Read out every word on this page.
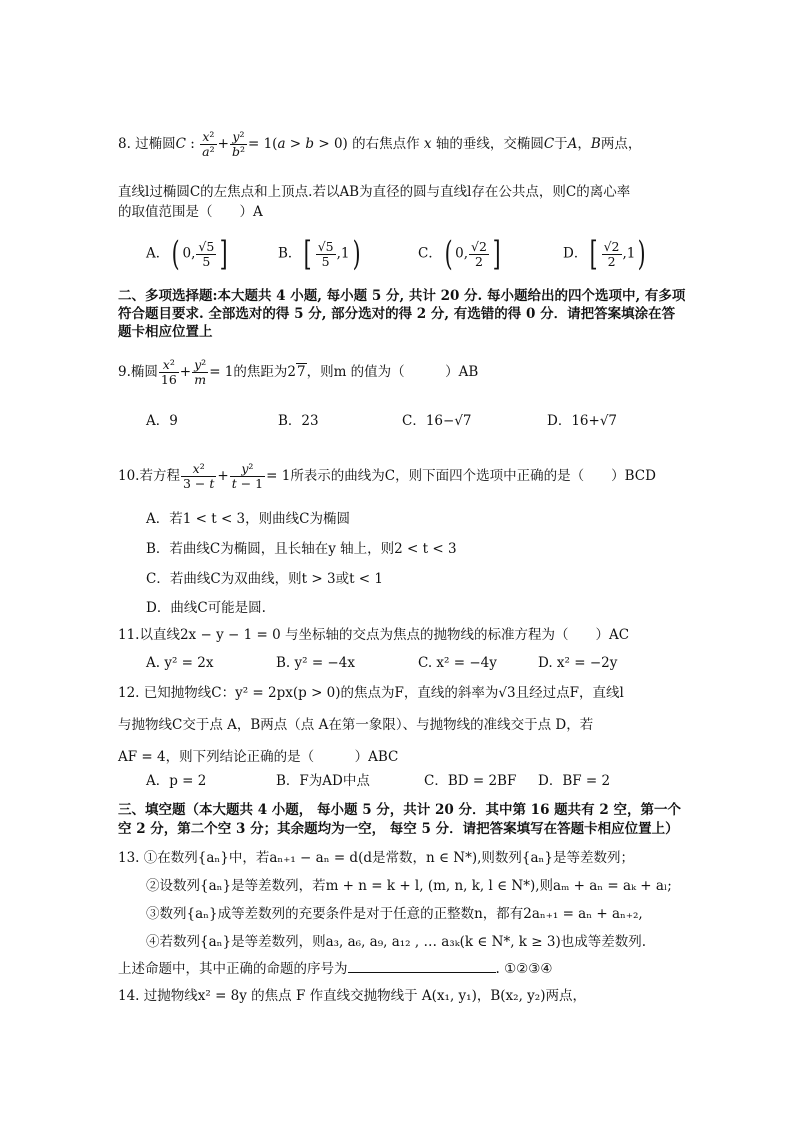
8. 过椭圆C : $\frac{\text{x²}}{\text{a²}} + \frac{\text{y²}}{\text{b²}} = 1(a > b > 0)$ 的右焦点作 x 轴的垂线，交椭圆C于A，B两点，
直线l过椭圆C的左焦点和上顶点.若以AB为直径的圆与直线l存在公共点，则C的离心率
的取值范围是（　　）A
A．( 0, $\frac{√5}{5}$ ]	B．[ $\frac{√5}{5} ,1$)	C．( 0, $\frac{√2}{2}$ ]	D．[ $\frac{√2}{2} ,1$)
二、多项选择题:本大题共 4 小题, 每小题 5 分, 共计 20 分. 每小题给出的四个选项中, 有多项
符合题目要求. 全部选对的得 5 分, 部分选对的得 2 分, 有选错的得 0 分．请把答案填涂在答
题卡相应位置上
9.椭圆 $\frac{\text{x²}}{16} + \frac{\text{y²}}{m} = 1$的焦距为27，则m 的值为（　　　）AB
A．9	B．23	C．16−√7	D．16+√7
10.若方程 $\frac{\text{x²}}{3 - t} + \frac{\text{y²}}{t - 1} = 1$所表示的曲线为C，则下面四个选项中正确的是（　　）BCD
A．若1 < t < 3，则曲线C为椭圆
B．若曲线C为椭圆，且长轴在y 轴上，则2 < t < 3
C．若曲线C为双曲线，则t > 3或t < 1
D．曲线C可能是圆.
11.以直线2x − y − 1 = 0 与坐标轴的交点为焦点的抛物线的标准方程为（　　）AC
A. y² = 2x	B. y² = −4x	C. x² = −4y	D. x² = −2y
12. 已知抛物线C：y² = 2px(p > 0)的焦点为F，直线的斜率为√3且经过点F，直线l
与抛物线C交于点 A，B两点（点 A在第一象限）、与抛物线的准线交于点 D，若
AF = 4，则下列结论正确的是（　　　）ABC
A．p = 2	B．F为AD中点	C．BD = 2BF D．BF = 2
三、填空题（本大题共 4 小题， 每小题 5 分，共计 20 分．其中第 16 题共有 2 空，第一个
空 2 分，第二个空 3 分；其余题均为一空， 每空 5 分．请把答案填写在答题卡相应位置上）
13. ①在数列{aₙ}中，若aₙ₊₁ − aₙ = d(d是常数，n ∈ N*),则数列{aₙ}是等差数列；
②设数列{aₙ}是等差数列，若m + n = k + l, (m, n, k, l ∈ N*),则aₘ + aₙ = aₖ + aₗ;
③数列{aₙ}成等差数列的充要条件是对于任意的正整数n，都有2aₙ₊₁ = aₙ + aₙ₊₂,
④若数列{aₙ}是等差数列，则a₃, a₆, a₉, a₁₂ , … a₃ₖ(k ∈ N*, k ≥ 3)也成等差数列.
上述命题中，其中正确的命题的序号为	. ①②③④
14. 过抛物线x² = 8y 的焦点 F 作直线交抛物线于 A(x₁, y₁)，B(x₂, y₂)两点，
